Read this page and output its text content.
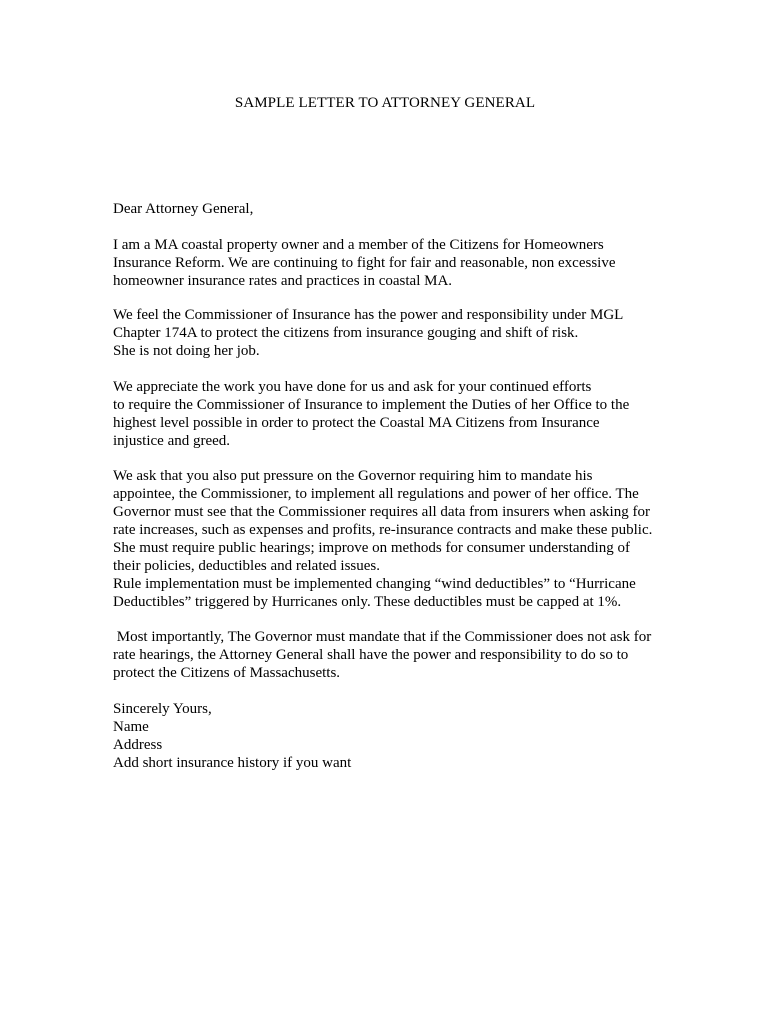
SAMPLE LETTER TO ATTORNEY GENERAL
Dear Attorney General,
I am a MA coastal property owner and a member of the Citizens for Homeowners
Insurance Reform. We are continuing to fight for fair and reasonable, non excessive
homeowner insurance rates and practices in coastal MA.
We feel the Commissioner of Insurance has the power and responsibility under MGL
Chapter 174A to protect the citizens from insurance gouging and shift of risk.
She is not doing her job.
We appreciate the work you have done for us and ask for your continued efforts
to require the Commissioner of Insurance to implement the Duties of her Office to the
highest level possible in order to protect the Coastal MA Citizens from Insurance
injustice and greed.
We ask that you also put pressure on the Governor requiring him to mandate his
appointee, the Commissioner, to implement all regulations and power of her office. The
Governor must see that the Commissioner requires all data from insurers when asking for
rate increases, such as expenses and profits, re-insurance contracts and make these public.
She must require public hearings; improve on methods for consumer understanding of
their policies, deductibles and related issues.
Rule implementation must be implemented changing “wind deductibles” to “Hurricane
Deductibles” triggered by Hurricanes only. These deductibles must be capped at 1%.
Most importantly, The Governor must mandate that if the Commissioner does not ask for
rate hearings, the Attorney General shall have the power and responsibility to do so to
protect the Citizens of Massachusetts.
Sincerely Yours,
Name
Address
Add short insurance history if you want
